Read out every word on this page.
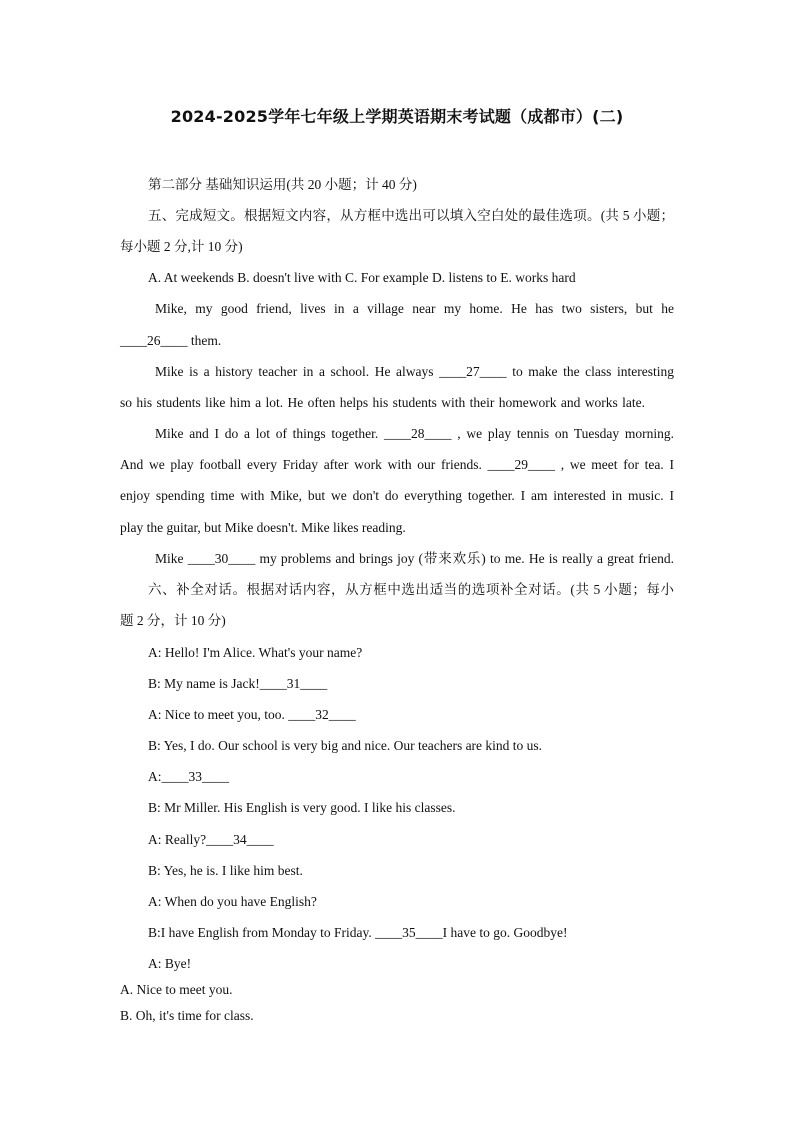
2024-2025学年七年级上学期英语期末考试题（成都市）(二)
第二部分 基础知识运用(共 20 小题；计 40 分)
五、完成短文。根据短文内容，从方框中选出可以填入空白处的最佳选项。(共 5 小题；
每小题 2 分,计 10 分)
A. At weekends B. doesn't live with C. For example D. listens to E. works hard
Mike, my good friend, lives in a village near my home. He has two sisters, but he
____26____ them.
Mike is a history teacher in a school. He always ____27____ to make the class interesting
so his students like him a lot. He often helps his students with their homework and works late.
Mike and I do a lot of things together. ____28____ , we play tennis on Tuesday morning.
And we play football every Friday after work with our friends. ____29____ , we meet for tea. I
enjoy spending time with Mike, but we don't do everything together. I am interested in music. I
play the guitar, but Mike doesn't. Mike likes reading.
Mike ____30____ my problems and brings joy (带来欢乐) to me. He is really a great friend.
六、补全对话。根据对话内容，从方框中选出适当的选项补全对话。(共 5 小题；每小
题 2 分，计 10 分)
A: Hello! I'm Alice. What's your name?
B: My name is Jack!____31____
A: Nice to meet you, too. ____32____
B: Yes, I do. Our school is very big and nice. Our teachers are kind to us.
A:____33____
B: Mr Miller. His English is very good. I like his classes.
A: Really?____34____
B: Yes, he is. I like him best.
A: When do you have English?
B:I have English from Monday to Friday. ____35____I have to go. Goodbye!
A: Bye!
A. Nice to meet you.
B. Oh, it's time for class.
